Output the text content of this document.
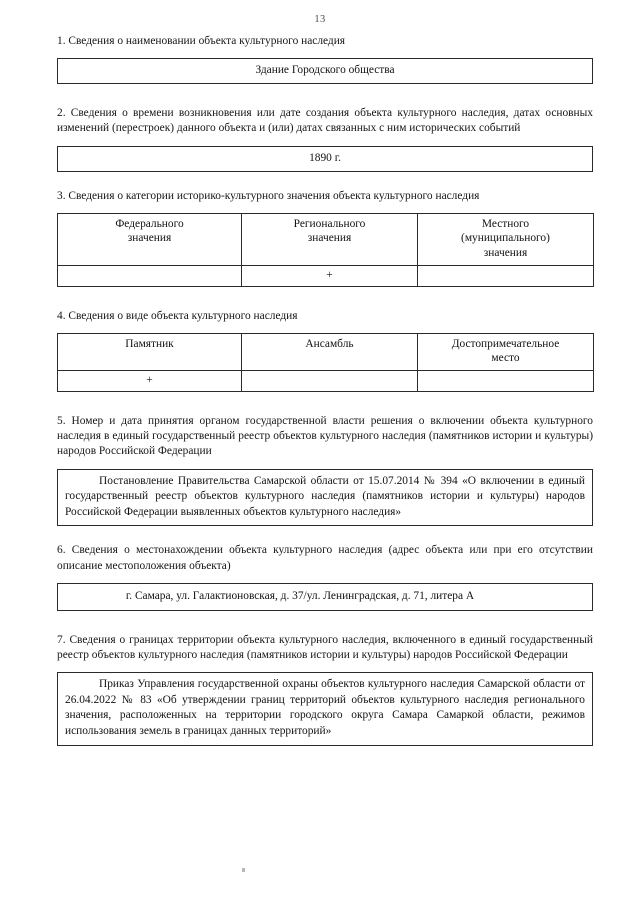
13

1. Сведения о наименовании объекта культурного наследия

Здание Городского общества

2. Сведения о времени возникновения или дате создания объекта культурного наследия, датах основных изменений (перестроек) данного объекта и (или) датах связанных с ним исторических событий

1890 г.

3. Сведения о категории историко-культурного значения объекта культурного наследия

Федерального
значения	Регионального
значения	Местного
(муниципального)
значения
	+	

4. Сведения о виде объекта культурного наследия

Памятник	Ансамбль	Достопримечательное
место
+		

5. Номер и дата принятия органом государственной власти решения о включении объекта культурного наследия в единый государственный реестр объектов культурного наследия (памятников истории и культуры) народов Российской Федерации

Постановление Правительства Самарской области от 15.07.2014 № 394 «О включении в единый государственный реестр объектов культурного наследия (памятников истории и культуры) народов Российской Федерации выявленных объектов культурного наследия»

6. Сведения о местонахождении объекта культурного наследия (адрес объекта или при его отсутствии описание местоположения объекта)

г. Самара, ул. Галактионовская, д. 37/ул. Ленинградская, д. 71, литера А

7. Сведения о границах территории объекта культурного наследия, включенного в единый государственный реестр объектов культурного наследия (памятников истории и культуры) народов Российской Федерации

Приказ Управления государственной охраны объектов культурного наследия Самарской области от 26.04.2022 № 83 «Об утверждении границ территорий объектов культурного наследия регионального значения, расположенных на территории городского округа Самара Самаркой области, режимов использования земель в границах данных территорий»
